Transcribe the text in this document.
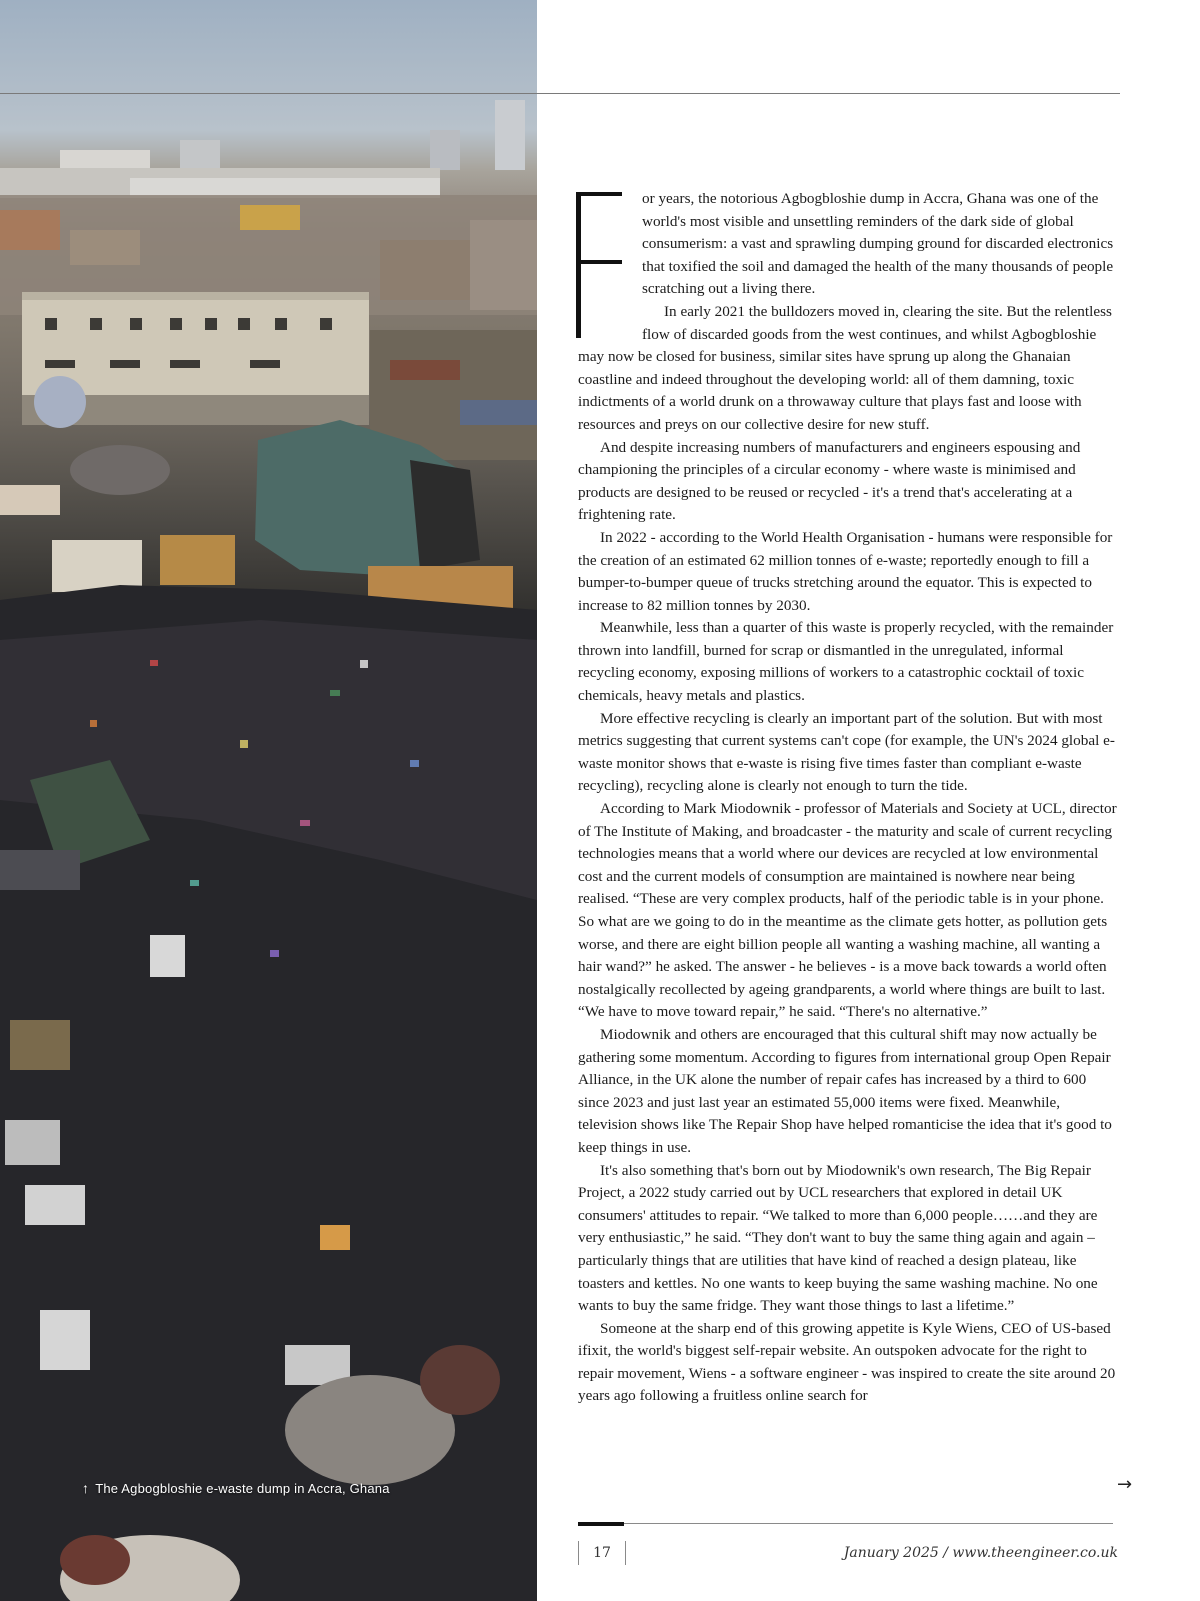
↑ The Agbogbloshie e-waste dump in Accra, Ghana

F	or years, the notorious Agbogbloshie dump in Accra, Ghana was one of the world's most visible and unsettling reminders of the dark side of global consumerism: a vast and sprawling dumping ground for discarded electronics that toxified the soil and damaged the health of the many thousands of people scratching out a living there.

In early 2021 the bulldozers moved in, clearing the site. But the relentless flow of discarded goods from the west continues, and whilst Agbogbloshie may now be closed for business, similar sites have sprung up along the Ghanaian coastline and indeed throughout the developing world: all of them damning, toxic indictments of a world drunk on a throwaway culture that plays fast and loose with resources and preys on our collective desire for new stuff.

And despite increasing numbers of manufacturers and engineers espousing and championing the principles of a circular economy - where waste is minimised and products are designed to be reused or recycled - it's a trend that's accelerating at a frightening rate.

In 2022 - according to the World Health Organisation - humans were responsible for the creation of an estimated 62 million tonnes of e-waste; reportedly enough to fill a bumper-to-bumper queue of trucks stretching around the equator. This is expected to increase to 82 million tonnes by 2030.

Meanwhile, less than a quarter of this waste is properly recycled, with the remainder thrown into landfill, burned for scrap or dismantled in the unregulated, informal recycling economy, exposing millions of workers to a catastrophic cocktail of toxic chemicals, heavy metals and plastics.

More effective recycling is clearly an important part of the solution. But with most metrics suggesting that current systems can't cope (for example, the UN's 2024 global e-waste monitor shows that e-waste is rising five times faster than compliant e-waste recycling), recycling alone is clearly not enough to turn the tide.

According to Mark Miodownik - professor of Materials and Society at UCL, director of The Institute of Making, and broadcaster - the maturity and scale of current recycling technologies means that a world where our devices are recycled at low environmental cost and the current models of consumption are maintained is nowhere near being realised. “These are very complex products, half of the periodic table is in your phone. So what are we going to do in the meantime as the climate gets hotter, as pollution gets worse, and there are eight billion people all wanting a washing machine, all wanting a hair wand?” he asked. The answer - he believes - is a move back towards a world often nostalgically recollected by ageing grandparents, a world where things are built to last. “We have to move toward repair,” he said. “There's no alternative.”

Miodownik and others are encouraged that this cultural shift may now actually be gathering some momentum. According to figures from international group Open Repair Alliance, in the UK alone the number of repair cafes has increased by a third to 600 since 2023 and just last year an estimated 55,000 items were fixed. Meanwhile, television shows like The Repair Shop have helped romanticise the idea that it's good to keep things in use.

It's also something that's born out by Miodownik's own research, The Big Repair Project, a 2022 study carried out by UCL researchers that explored in detail UK consumers' attitudes to repair. “We talked to more than 6,000 people……and they are very enthusiastic,” he said. “They don't want to buy the same thing again and again – particularly things that are utilities that have kind of reached a design plateau, like toasters and kettles. No one wants to keep buying the same washing machine. No one wants to buy the same fridge. They want those things to last a lifetime.”

Someone at the sharp end of this growing appetite is Kyle Wiens, CEO of US-based ifixit, the world's biggest self-repair website. An outspoken advocate for the right to repair movement, Wiens - a software engineer - was inspired to create the site around 20 years ago following a fruitless online search for

→
17	January 2025 / www.theengineer.co.uk
